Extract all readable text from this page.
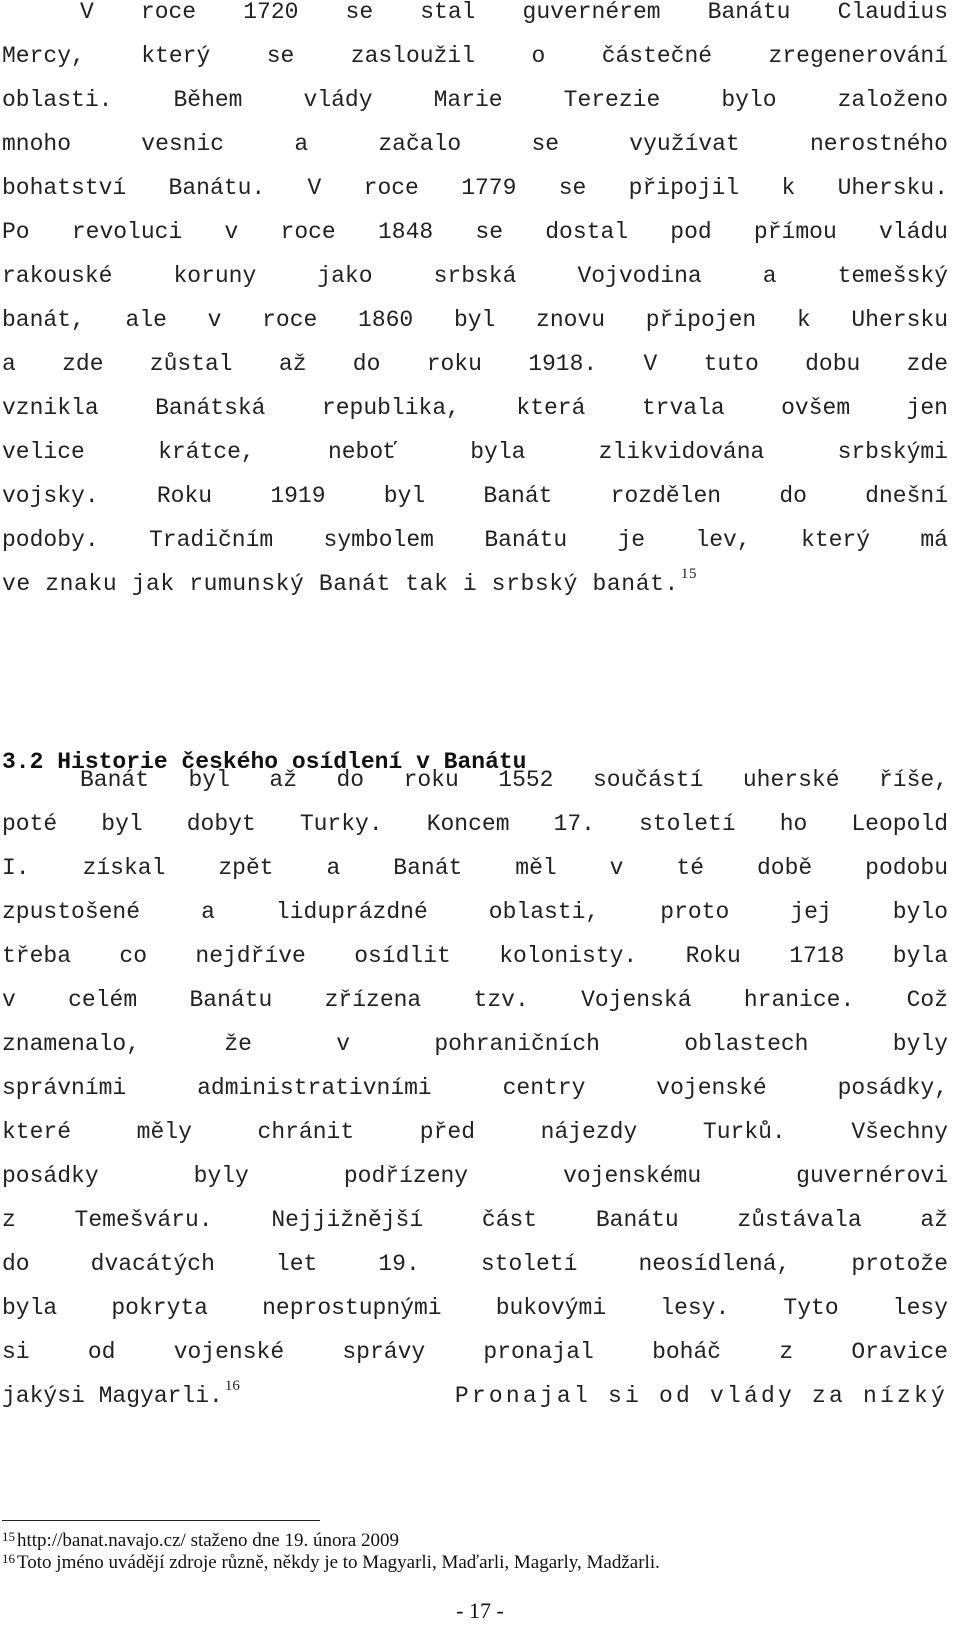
V roce 1720 se stal guvernérem Banátu Claudius
Mercy, který se zasloužil o částečné zregenerování
oblasti. Během vlády Marie Terezie bylo založeno
mnoho vesnic a začalo se využívat nerostného
bohatství Banátu. V roce 1779 se připojil k Uhersku.
Po revoluci v roce 1848 se dostal pod přímou vládu
rakouské koruny jako srbská Vojvodina a temešský
banát, ale v roce 1860 byl znovu připojen k Uhersku
a zde zůstal až do roku 1918. V tuto dobu zde
vznikla Banátská republika, která trvala ovšem jen
velice krátce, neboť byla zlikvidována srbskými
vojsky. Roku 1919 byl Banát rozdělen do dnešní
podoby. Tradičním symbolem Banátu je lev, který má
ve znaku jak rumunský Banát tak i srbský banát. $^{15}$
3.2 Historie českého osídlení v Banátu
Banát byl až do roku 1552 součástí uherské říše,
poté byl dobyt Turky. Koncem 17. století ho Leopold
I. získal zpět a Banát měl v té době podobu
zpustošené a liduprázdné oblasti, proto jej bylo
třeba co nejdříve osídlit kolonisty. Roku 1718 byla
v celém Banátu zřízena tzv. Vojenská hranice. Což
znamenalo, že v pohraničních oblastech byly
správními administrativními centry vojenské posádky,
které měly chránit před nájezdy Turků. Všechny
posádky byly podřízeny vojenskému guvernérovi
z Temešváru. Nejjižnější část Banátu zůstávala až
do dvacátých let 19. století neosídlená, protože
byla pokryta neprostupnými bukovými lesy. Tyto lesy
si od vojenské správy pronajal boháč z Oravice
jakýsi Magyarli. $^{16}$	Pronajal si od vlády za nízký
$^{15}$ http://banat.navajo.cz/ staženo dne 19. února 2009
$^{16}$ Toto jméno uvádějí zdroje různě, někdy je to Magyarli, Maďarli, Magarly, Madžarli.
- 17 -
